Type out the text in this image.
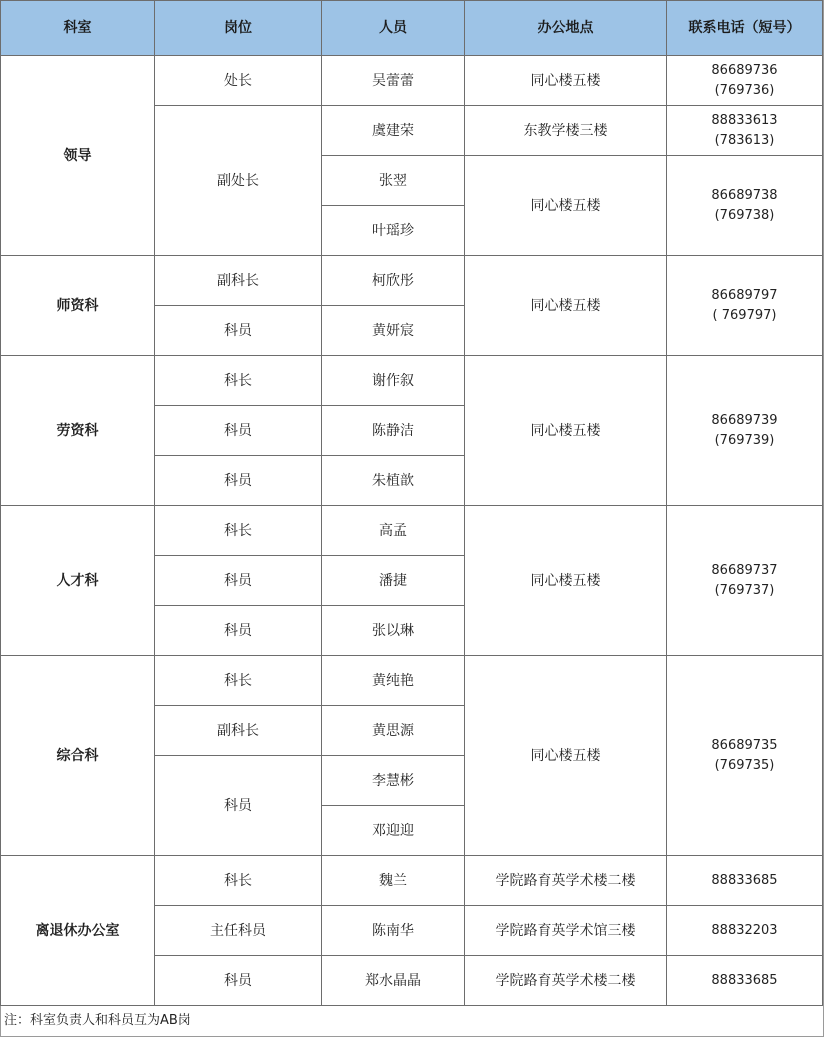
科室	岗位	人员	办公地点	联系电话（短号）
领导	处长	吴蕾蕾	同心楼五楼	86689736
(769736)

	副处长	虞建荣	东教学楼三楼	88833613
(783613)

		张翌	同心楼五楼	86689738
(769738)

		叶瑶珍		
师资科	副科长	柯欣彤	同心楼五楼	86689797
( 769797)

	科员	黄妍宸		
劳资科	科长	谢作叙	同心楼五楼	86689739
(769739)

	科员	陈静洁		
	科员	朱植歆		
人才科	科长	高孟	同心楼五楼	86689737
(769737)

	科员	潘捷		
	科员	张以琳		
综合科	科长	黄纯艳	同心楼五楼	86689735
(769735)

	副科长	黄思源		
	科员	李慧彬		
		邓迎迎		
离退休办公室	科长	魏兰	学院路育英学术楼二楼	88833685

	主任科员	陈南华	学院路育英学术馆三楼	88832203

	科员	郑水晶晶	学院路育英学术楼二楼	88833685
注：科室负责人和科员互为AB岗
